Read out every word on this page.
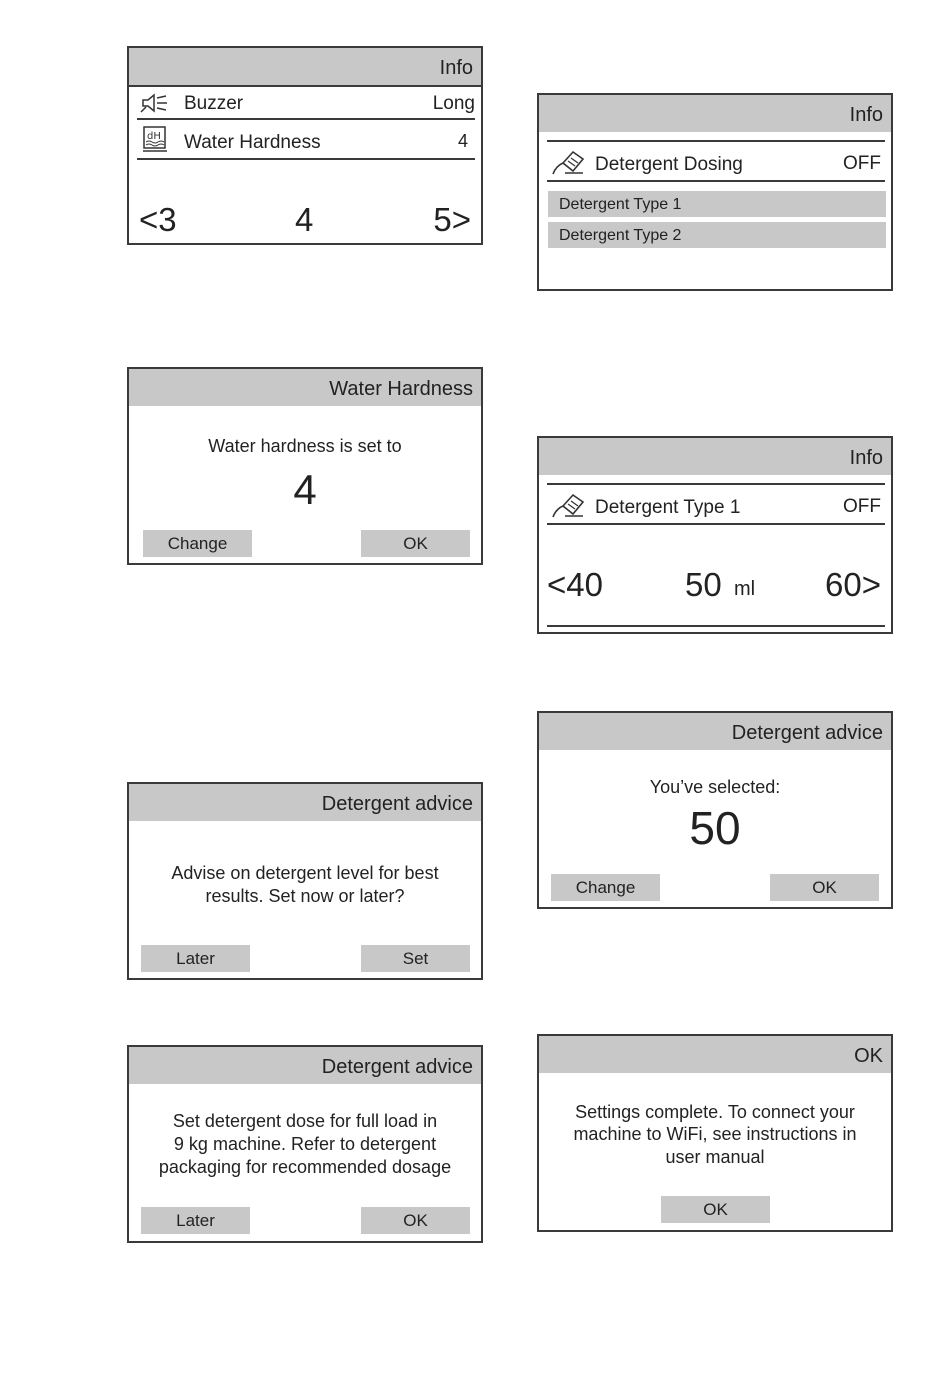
Info
Buzzer	Long
dH Water Hardness	4
<3	4	5>
Water Hardness
Water hardness is set to
4
Change	OK
Detergent advice
Advise on detergent level for best
results. Set now or later?
Later	Set
Detergent advice
Set detergent dose for full load in
9 kg machine. Refer to detergent
packaging for recommended dosage
Later	OK
Info
Detergent Dosing	OFF
Detergent Type 1
Detergent Type 2
Info
Detergent Type 1	OFF
<40 50 ml 60>
Detergent advice
You’ve selected:
50
Change	OK
OK
Settings complete. To connect your
machine to WiFi, see instructions in
user manual
OK
